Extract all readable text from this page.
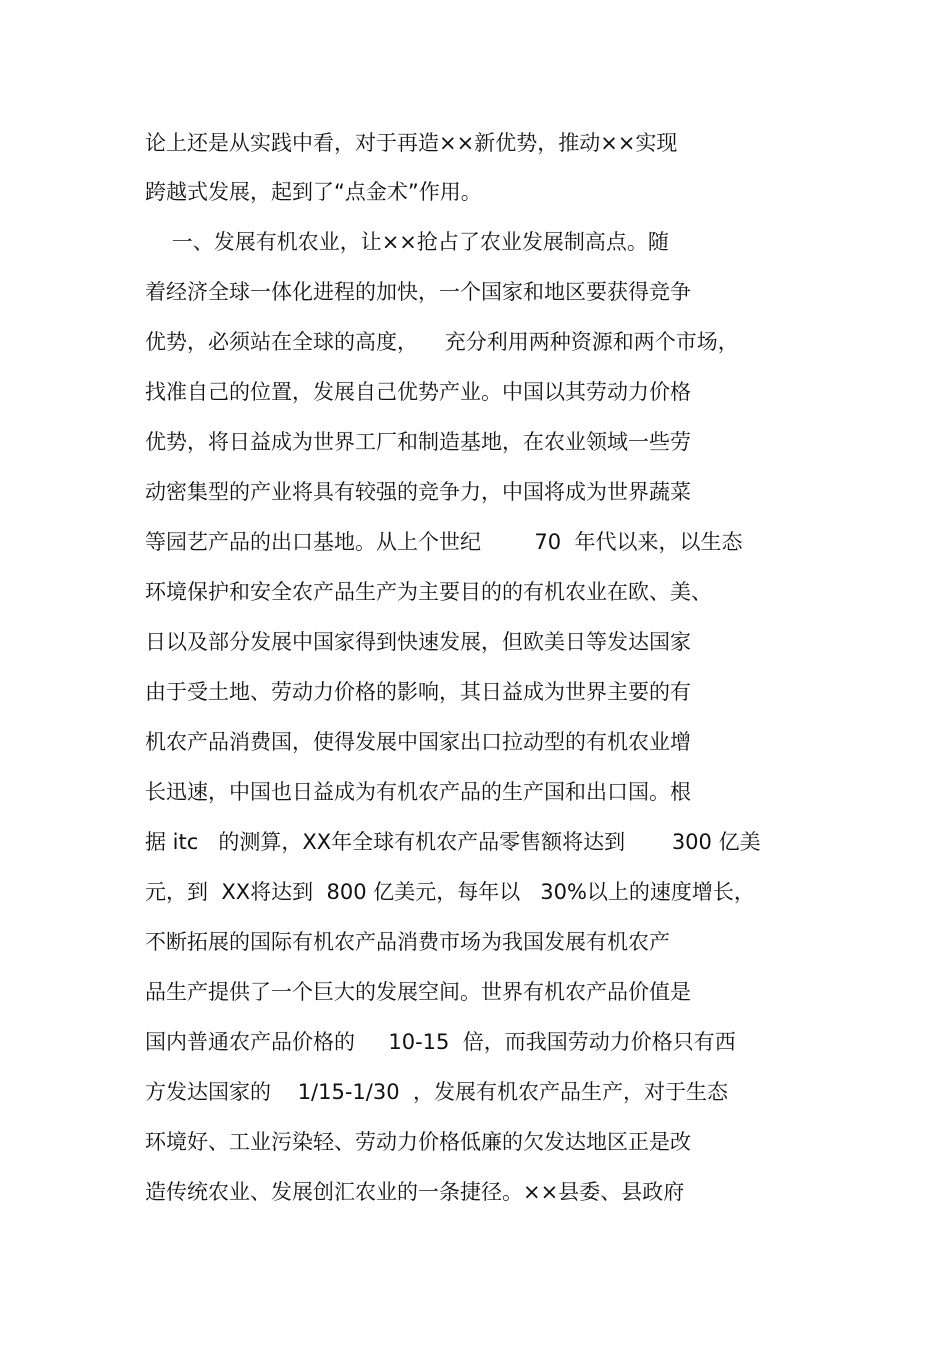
论上还是从实践中看，对于再造××新优势，推动××实现
跨越式发展，起到了“点金术”作用。
一、发展有机农业，让××抢占了农业发展制高点。随
着经济全球一体化进程的加快，一个国家和地区要获得竞争
优势，必须站在全球的高度，    充分利用两种资源和两个市场，
找准自己的位置，发展自己优势产业。中国以其劳动力价格
优势，将日益成为世界工厂和制造基地，在农业领域一些劳
动密集型的产业将具有较强的竞争力，中国将成为世界蔬菜
等园艺产品的出口基地。从上个世纪        70  年代以来，以生态
环境保护和安全农产品生产为主要目的的有机农业在欧、美、
日以及部分发展中国家得到快速发展，但欧美日等发达国家
由于受土地、劳动力价格的影响，其日益成为世界主要的有
机农产品消费国，使得发展中国家出口拉动型的有机农业增
长迅速，中国也日益成为有机农产品的生产国和出口国。根
据 itc   的测算，XX年全球有机农产品零售额将达到       300 亿美
元，到  XX将达到  800 亿美元，每年以   30%以上的速度增长，
不断拓展的国际有机农产品消费市场为我国发展有机农产
品生产提供了一个巨大的发展空间。世界有机农产品价值是
国内普通农产品价格的     10-15  倍，而我国劳动力价格只有西
方发达国家的    1/15-1/30  ，发展有机农产品生产，对于生态
环境好、工业污染轻、劳动力价格低廉的欠发达地区正是改
造传统农业、发展创汇农业的一条捷径。××县委、县政府
